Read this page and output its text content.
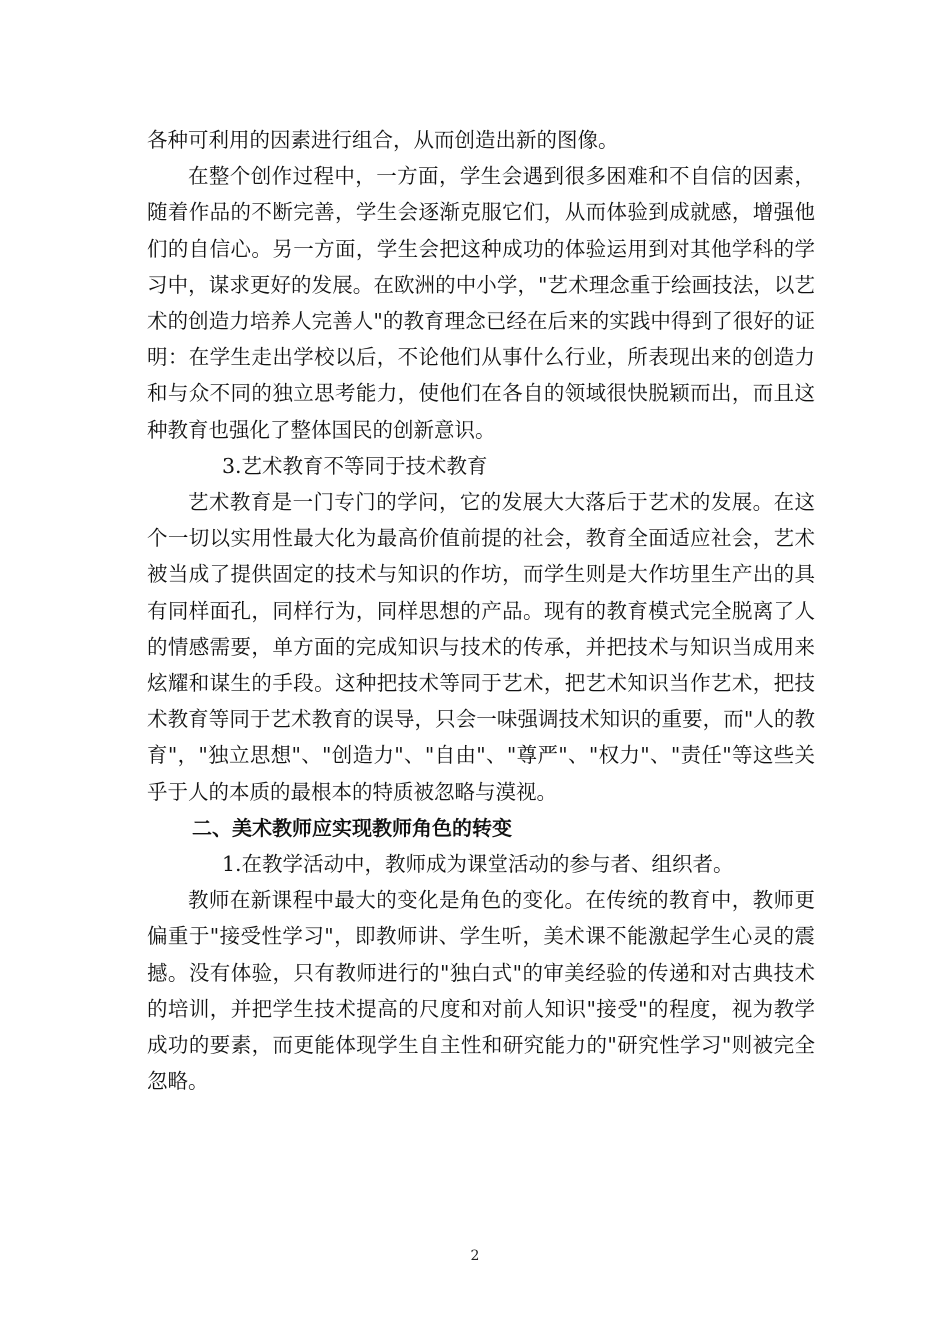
各种可利用的因素进行组合，从而创造出新的图像。

在整个创作过程中，一方面，学生会遇到很多困难和不自信的因素，随着作品的不断完善，学生会逐渐克服它们，从而体验到成就感，增强他们的自信心。另一方面，学生会把这种成功的体验运用到对其他学科的学习中，谋求更好的发展。在欧洲的中小学，"艺术理念重于绘画技法，以艺术的创造力培养人完善人"的教育理念已经在后来的实践中得到了很好的证明：在学生走出学校以后，不论他们从事什么行业，所表现出来的创造力和与众不同的独立思考能力，使他们在各自的领域很快脱颖而出，而且这种教育也强化了整体国民的创新意识。

3.艺术教育不等同于技术教育

艺术教育是一门专门的学问，它的发展大大落后于艺术的发展。在这个一切以实用性最大化为最高价值前提的社会，教育全面适应社会，艺术被当成了提供固定的技术与知识的作坊，而学生则是大作坊里生产出的具有同样面孔，同样行为，同样思想的产品。现有的教育模式完全脱离了人的情感需要，单方面的完成知识与技术的传承，并把技术与知识当成用来炫耀和谋生的手段。这种把技术等同于艺术，把艺术知识当作艺术，把技术教育等同于艺术教育的误导，只会一味强调技术知识的重要，而"人的教育"，"独立思想"、"创造力"、"自由"、"尊严"、"权力"、"责任"等这些关乎于人的本质的最根本的特质被忽略与漠视。

二、美术教师应实现教师角色的转变

1.在教学活动中，教师成为课堂活动的参与者、组织者。

教师在新课程中最大的变化是角色的变化。在传统的教育中，教师更偏重于"接受性学习"，即教师讲、学生听，美术课不能激起学生心灵的震撼。没有体验，只有教师进行的"独白式"的审美经验的传递和对古典技术的培训，并把学生技术提高的尺度和对前人知识"接受"的程度，视为教学成功的要素，而更能体现学生自主性和研究能力的"研究性学习"则被完全忽略。

2
